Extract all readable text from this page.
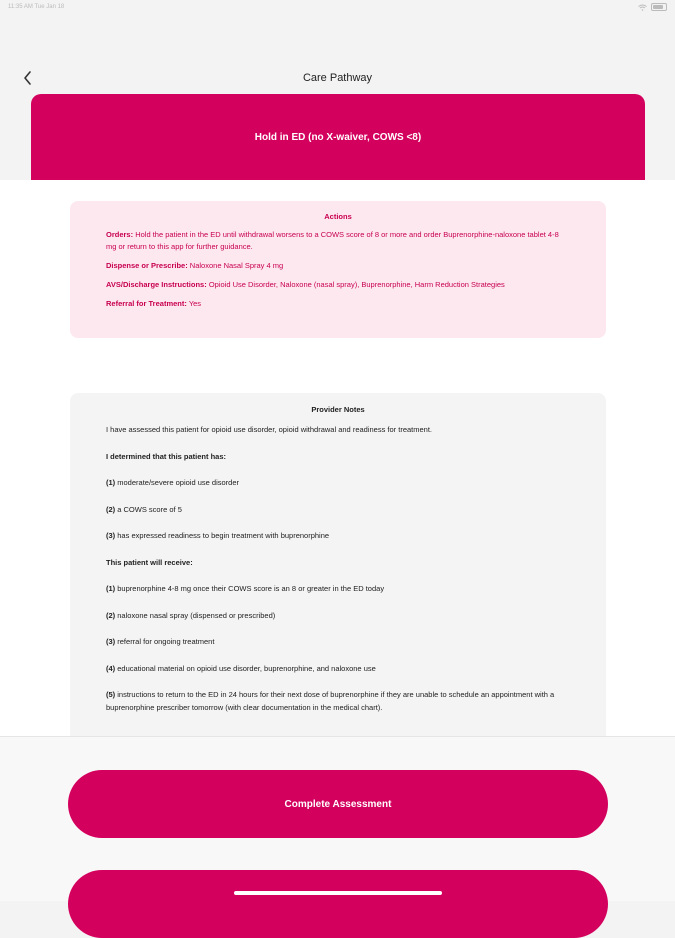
11:35 AM Tue Jan 18
Care Pathway
Hold in ED (no X-waiver, COWS <8)
Actions

Orders: Hold the patient in the ED until withdrawal worsens to a COWS score of 8 or more and order Buprenorphine-naloxone tablet 4-8 mg or return to this app for further guidance.

Dispense or Prescribe: Naloxone Nasal Spray 4 mg

AVS/Discharge Instructions: Opioid Use Disorder, Naloxone (nasal spray), Buprenorphine, Harm Reduction Strategies

Referral for Treatment: Yes

Provider Notes

I have assessed this patient for opioid use disorder, opioid withdrawal and readiness for treatment.

I determined that this patient has:

(1) moderate/severe opioid use disorder

(2) a COWS score of 5

(3) has expressed readiness to begin treatment with buprenorphine

This patient will receive:

(1) buprenorphine 4-8 mg once their COWS score is an 8 or greater in the ED today

(2) naloxone nasal spray (dispensed or prescribed)

(3) referral for ongoing treatment

(4) educational material on opioid use disorder, buprenorphine, and naloxone use

(5) instructions to return to the ED in 24 hours for their next dose of buprenorphine if they are unable to schedule an appointment with a buprenorphine prescriber tomorrow (with clear documentation in the medical chart).

Complete Assessment
